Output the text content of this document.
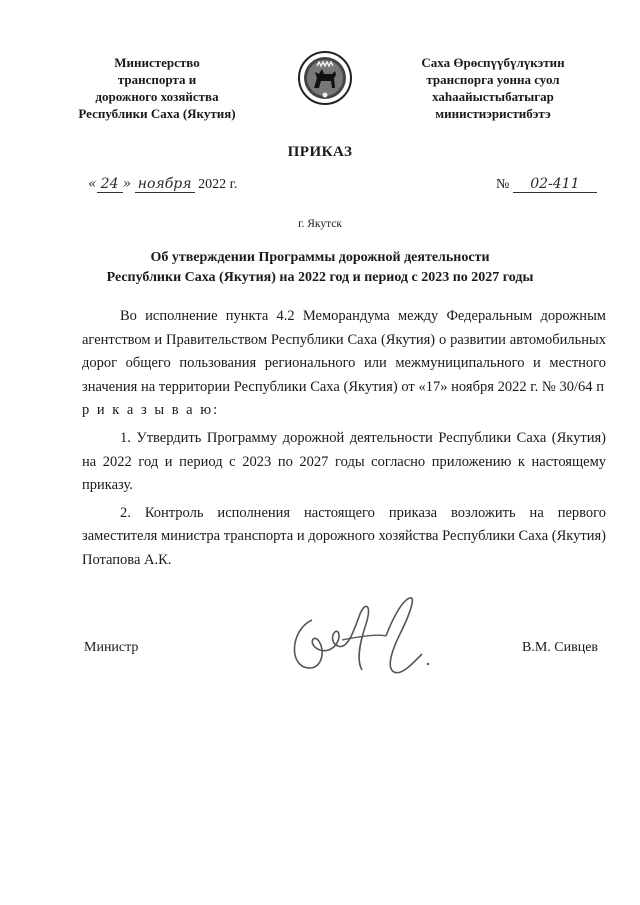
Министерство
транспорта и
дорожного хозяйства
Республики Саха (Якутия)
Саха Өрөспүүбүлүкэтин
транспорга уонна суол
хаһаайыстыбатыгар
министиэристибэтэ
ПРИКАЗ
« 24 » ноября 2022 г.	№ 02-411
г. Якутск
Об утверждении Программы дорожной деятельности
Республики Саха (Якутия) на 2022 год и период с 2023 по 2027 годы

Во исполнение пункта 4.2 Меморандума между Федеральным дорожным агентством и Правительством Республики Саха (Якутия) о развитии автомобильных дорог общего пользования регионального или межмуниципального и местного значения на территории Республики Саха (Якутия) от «17» ноября 2022 г. № 30/64 п р и к а з ы в а ю:

1. Утвердить Программу дорожной деятельности Республики Саха (Якутия) на 2022 год и период с 2023 по 2027 годы согласно приложению к настоящему приказу.

2. Контроль исполнения настоящего приказа возложить на первого заместителя министра транспорта и дорожного хозяйства Республики Саха (Якутия) Потапова А.К.

Министр	В.М. Сивцев
